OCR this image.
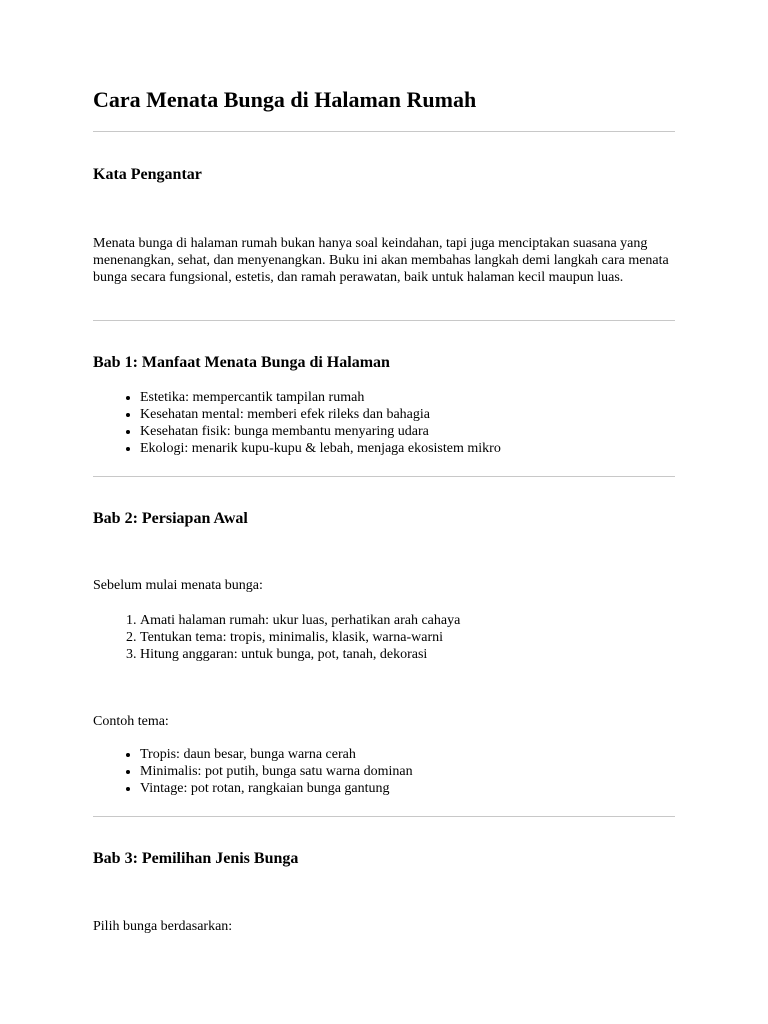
Cara Menata Bunga di Halaman Rumah
Kata Pengantar

Menata bunga di halaman rumah bukan hanya soal keindahan, tapi juga menciptakan suasana yang menenangkan, sehat, dan menyenangkan. Buku ini akan membahas langkah demi langkah cara menata bunga secara fungsional, estetis, dan ramah perawatan, baik untuk halaman kecil maupun luas.

Bab 1: Manfaat Menata Bunga di Halaman
• Estetika: mempercantik tampilan rumah
• Kesehatan mental: memberi efek rileks dan bahagia
• Kesehatan fisik: bunga membantu menyaring udara
• Ekologi: menarik kupu-kupu & lebah, menjaga ekosistem mikro
Bab 2: Persiapan Awal

Sebelum mulai menata bunga:

1. Amati halaman rumah: ukur luas, perhatikan arah cahaya
2. Tentukan tema: tropis, minimalis, klasik, warna-warni
3. Hitung anggaran: untuk bunga, pot, tanah, dekorasi

Contoh tema:

• Tropis: daun besar, bunga warna cerah
• Minimalis: pot putih, bunga satu warna dominan
• Vintage: pot rotan, rangkaian bunga gantung
Bab 3: Pemilihan Jenis Bunga

Pilih bunga berdasarkan:
